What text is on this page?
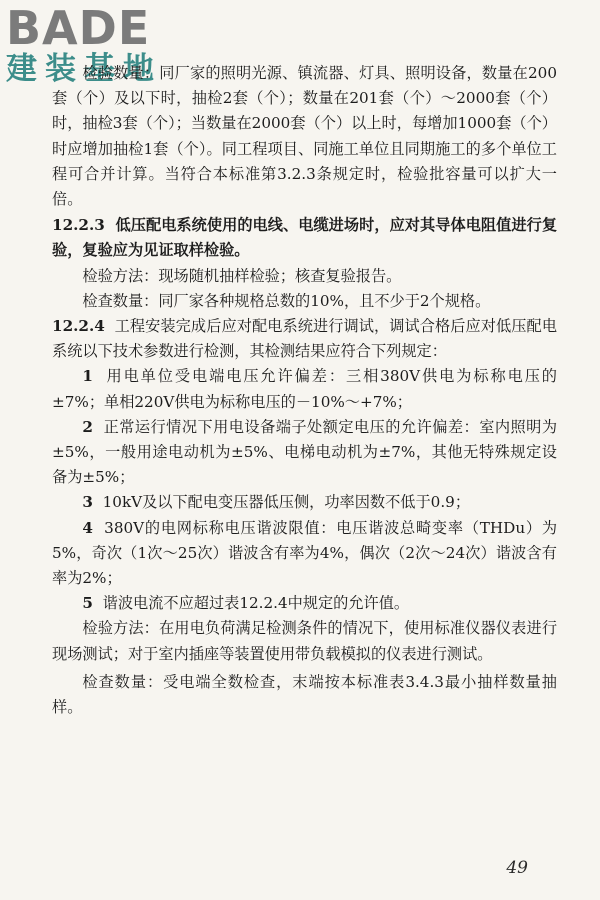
BADE
建装基地

检验数量：同厂家的照明光源、镇流器、灯具、照明设备，数量在200套（个）及以下时，抽检2套（个）；数量在201套（个）～2000套（个）时，抽检3套（个）；当数量在2000套（个）以上时，每增加1000套（个）时应增加抽检1套（个）。同工程项目、同施工单位且同期施工的多个单位工程可合并计算。当符合本标准第3.2.3条规定时，检验批容量可以扩大一倍。

12.2.3 低压配电系统使用的电线、电缆进场时，应对其导体电阻值进行复验，复验应为见证取样检验。

检验方法：现场随机抽样检验；核查复验报告。

检查数量：同厂家各种规格总数的10%，且不少于2个规格。

12.2.4 工程安装完成后应对配电系统进行调试，调试合格后应对低压配电系统以下技术参数进行检测，其检测结果应符合下列规定：

1 用电单位受电端电压允许偏差：三相380V供电为标称电压的±7%；单相220V供电为标称电压的－10%～+7%；

2 正常运行情况下用电设备端子处额定电压的允许偏差：室内照明为±5%，一般用途电动机为±5%、电梯电动机为±7%，其他无特殊规定设备为±5%；

3 10kV及以下配电变压器低压侧，功率因数不低于0.9；

4 380V的电网标称电压谐波限值：电压谐波总畸变率（THDu）为5%，奇次（1次～25次）谐波含有率为4%，偶次（2次～24次）谐波含有率为2%；

5 谐波电流不应超过表12.2.4中规定的允许值。

检验方法：在用电负荷满足检测条件的情况下，使用标准仪器仪表进行现场测试；对于室内插座等装置使用带负载模拟的仪表进行测试。

检查数量：受电端全数检查，末端按本标准表3.4.3最小抽样数量抽样。

49
